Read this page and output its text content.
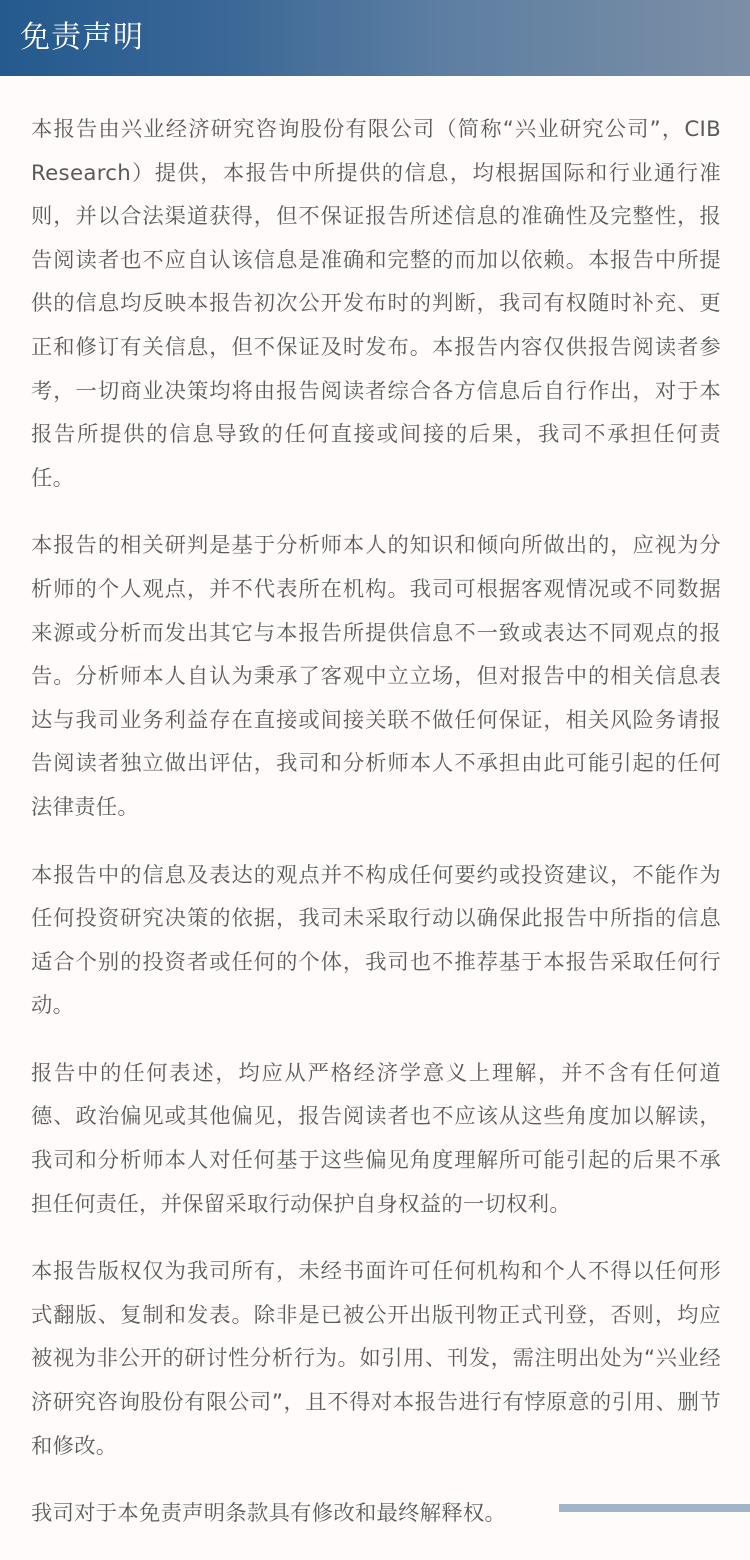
免责声明

本报告由兴业经济研究咨询股份有限公司（简称“兴业研究公司”，CIB Research）提供，本报告中所提供的信息，均根据国际和行业通行准则，并以合法渠道获得，但不保证报告所述信息的准确性及完整性，报告阅读者也不应自认该信息是准确和完整的而加以依赖。本报告中所提供的信息均反映本报告初次公开发布时的判断，我司有权随时补充、更正和修订有关信息，但不保证及时发布。本报告内容仅供报告阅读者参考，一切商业决策均将由报告阅读者综合各方信息后自行作出，对于本报告所提供的信息导致的任何直接或间接的后果，我司不承担任何责任。

本报告的相关研判是基于分析师本人的知识和倾向所做出的，应视为分析师的个人观点，并不代表所在机构。我司可根据客观情况或不同数据来源或分析而发出其它与本报告所提供信息不一致或表达不同观点的报告。分析师本人自认为秉承了客观中立立场，但对报告中的相关信息表达与我司业务利益存在直接或间接关联不做任何保证，相关风险务请报告阅读者独立做出评估，我司和分析师本人不承担由此可能引起的任何法律责任。

本报告中的信息及表达的观点并不构成任何要约或投资建议，不能作为任何投资研究决策的依据，我司未采取行动以确保此报告中所指的信息适合个别的投资者或任何的个体，我司也不推荐基于本报告采取任何行动。

报告中的任何表述，均应从严格经济学意义上理解，并不含有任何道德、政治偏见或其他偏见，报告阅读者也不应该从这些角度加以解读，我司和分析师本人对任何基于这些偏见角度理解所可能引起的后果不承担任何责任，并保留采取行动保护自身权益的一切权利。

本报告版权仅为我司所有，未经书面许可任何机构和个人不得以任何形式翻版、复制和发表。除非是已被公开出版刊物正式刊登，否则，均应被视为非公开的研讨性分析行为。如引用、刊发，需注明出处为“兴业经济研究咨询股份有限公司”，且不得对本报告进行有悖原意的引用、删节和修改。

我司对于本免责声明条款具有修改和最终解释权。
